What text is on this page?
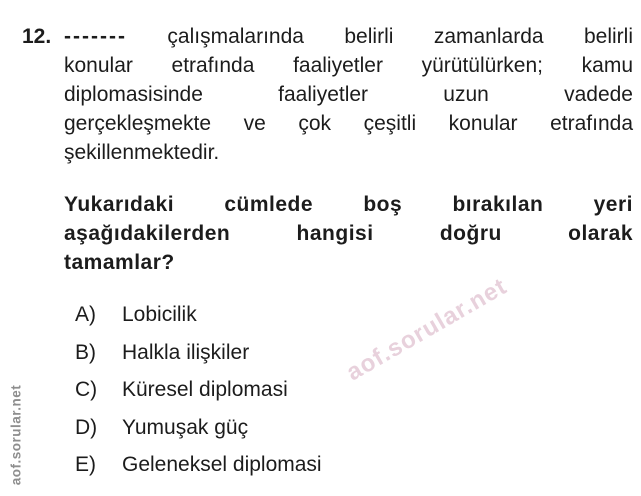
aof.sorular.net
aof.sorular.net
12. ------- çalışmalarında belirli zamanlarda belirli
konular etrafında faaliyetler yürütülürken; kamu
diplomasisinde faaliyetler uzun vadede
gerçekleşmekte ve çok çeşitli konular etrafında
şekillenmektedir.
Yukarıdaki cümlede boş bırakılan yeri
aşağıdakilerden hangisi doğru olarak
tamamlar?
A)	Lobicilik
B)	Halkla ilişkiler
C)	Küresel diplomasi
D)	Yumuşak güç
E)	Geleneksel diplomasi
